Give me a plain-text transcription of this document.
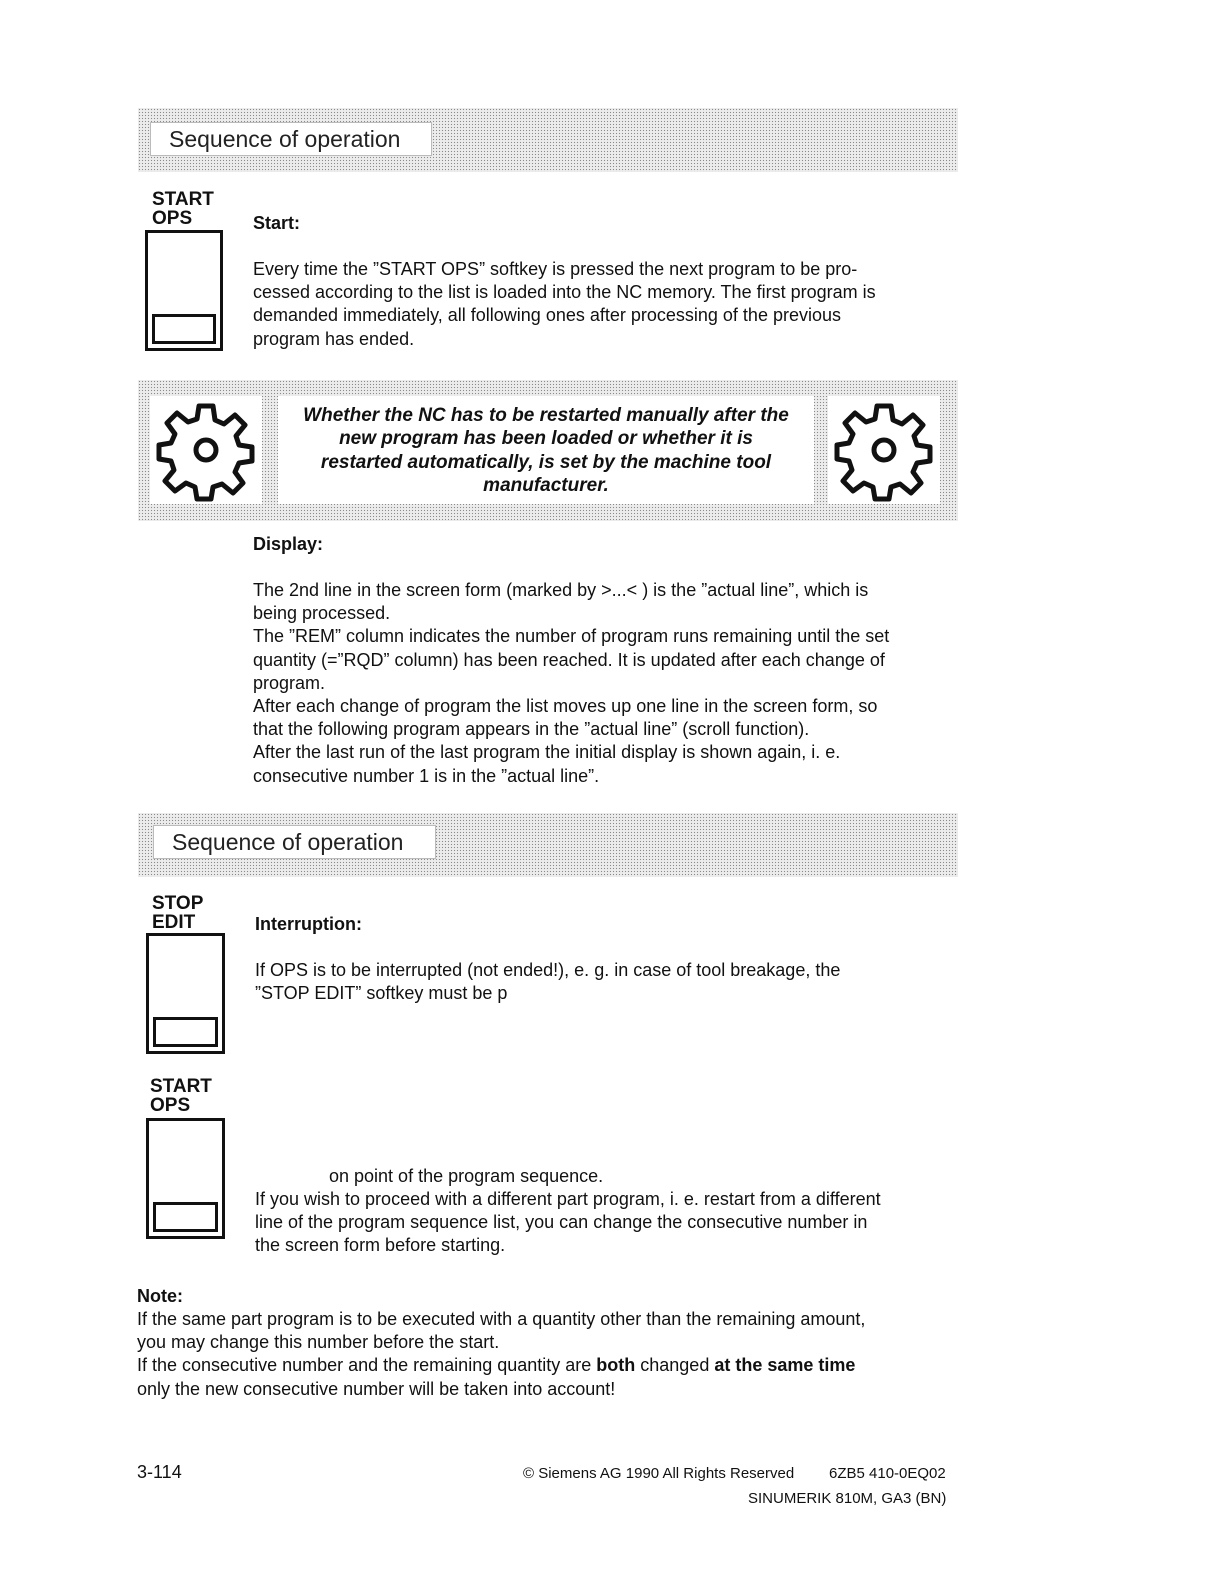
Sequence of operation
START
OPS	Start:
Every time the ”START OPS” softkey is pressed the next program to be pro-
cessed according to the list is loaded into the NC memory. The first program is
demanded immediately, all following ones after processing of the previous
program has ended.
Whether the NC has to be restarted manually after the
new program has been loaded or whether it is
restarted automatically, is set by the machine tool
manufacturer.
Display:
The 2nd line in the screen form (marked by >...< ) is the ”actual line”, which is
being processed.
The ”REM” column indicates the number of program runs remaining until the set
quantity (=”RQD” column) has been reached. It is updated after each change of
program.
After each change of program the list moves up one line in the screen form, so
that the following program appears in the ”actual line” (scroll function).
After the last run of the last program the initial display is shown again, i. e.
consecutive number 1 is in the ”actual line”.
Sequence of operation
STOP
EDIT	Interruption:
If OPS is to be interrupted (not ended!), e. g. in case of tool breakage, the
”STOP EDIT” softkey must be p
START
OPS
on point of the program sequence.
If you wish to proceed with a different part program, i. e. restart from a different
line of the program sequence list, you can change the consecutive number in
the screen form before starting.
Note:
If the same part program is to be executed with a quantity other than the remaining amount,
you may change this number before the start.
If the consecutive number and the remaining quantity are both changed at the same time
only the new consecutive number will be taken into account!
3-114	© Siemens AG 1990 All Rights Reserved 6ZB5 410-0EQ02
SINUMERIK 810M, GA3 (BN)
